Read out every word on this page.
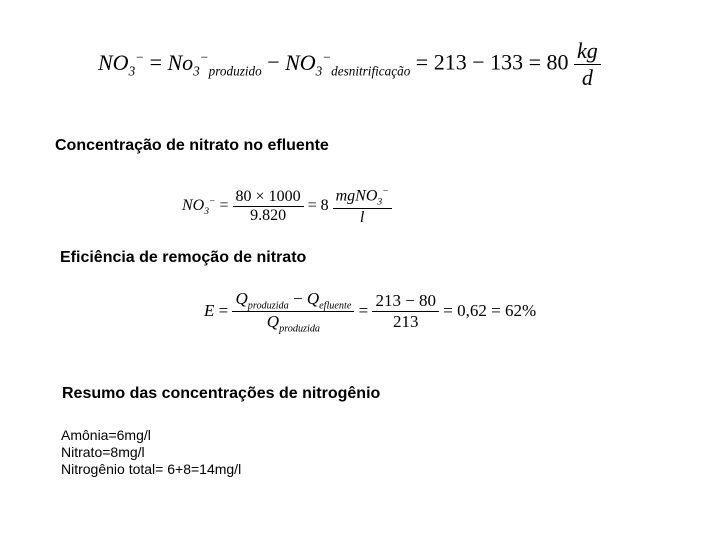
$NO_3^- = No_3^-_{produzido} - NO_3^-_{desnitrificação} = 213 - 133 = 80 \frac{kg}{d}$
Concentração de nitrato no efluente
$NO_3^- = \frac{80 \times 1000}{9.820} = 8 \frac{mgNO_3^-}{l}$
Eficiência de remoção de nitrato
$E = \frac{Q_{produzida} - Q_{efluente}}{Q_{produzida}} = \frac{213 - 80}{213} = 0,62 = 62\%$
Resumo das concentrações de nitrogênio
Amônia=6mg/l
Nitrato=8mg/l
Nitrogênio total= 6+8=14mg/l
